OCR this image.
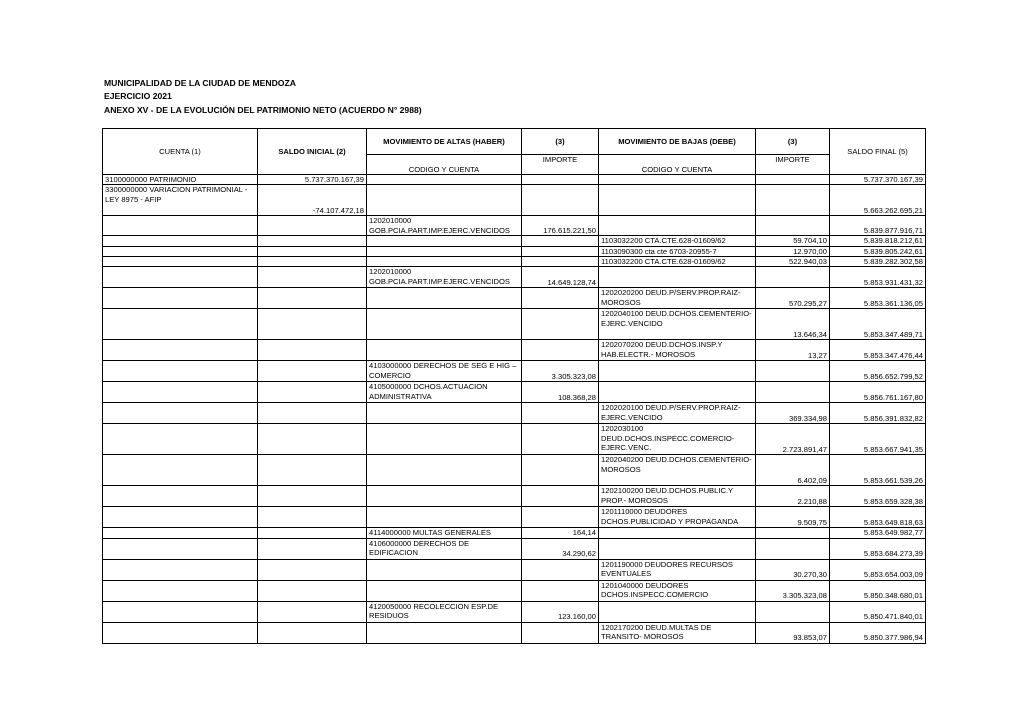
MUNICIPALIDAD DE LA CIUDAD DE MENDOZA
EJERCICIO 2021
ANEXO XV - DE LA EVOLUCIÓN DEL PATRIMONIO NETO (ACUERDO N° 2988)
CUENTA (1)	SALDO INICIAL (2)	MOVIMIENTO DE ALTAS (HABER)	(3)	MOVIMIENTO DE BAJAS (DEBE)	(3)	SALDO FINAL (5)
		CODIGO Y CUENTA	IMPORTE	CODIGO Y CUENTA	IMPORTE	
3100000000 PATRIMONIO	5.737.370.167,39					5.737.370.167,39
3300000000 VARIACION PATRIMONIAL - LEY 8975 - AFIP	-74.107.472,18					5.663.262.695,21
		1202010000 GOB.PCIA.PART.IMP.EJERC.VENCIDOS	176.615.221,50			5.839.877.916,71
				1103032200 CTA.CTE.628-01609/62	59.704,10	5.839.818.212,61
				1103090300 cta cte 6703-20955-7	12.970,00	5.839.805.242,61
				1103032200 CTA.CTE.628-01609/62	522.940,03	5.839.282.302,58
		1202010000 GOB.PCIA.PART.IMP.EJERC.VENCIDOS	14.649.128,74			5.853.931.431,32
				1202020200 DEUD.P/SERV.PROP.RAIZ-MOROSOS	570.295,27	5.853.361.136,05
				1202040100 DEUD.DCHOS.CEMENTERIO-EJERC.VENCIDO	13.646,34	5.853.347.489,71
				1202070200 DEUD.DCHOS.INSP.Y HAB.ELECTR.- MOROSOS	13,27	5.853.347.476,44
		4103000000 DERECHOS DE SEG E HIG – COMERCIO	3.305.323,08			5.856.652.799,52
		4105000000 DCHOS.ACTUACION ADMINISTRATIVA	108.368,28			5.856.761.167,80
				1202020100 DEUD.P/SERV.PROP.RAIZ-EJERC.VENCIDO	369.334,98	5.856.391.832,82
				1202030100 DEUD.DCHOS.INSPECC.COMERCIO-EJERC.VENC.	2.723.891,47	5.853.667.941,35
				1202040200 DEUD.DCHOS.CEMENTERIO-MOROSOS	6.402,09	5.853.661.539,26
				1202100200 DEUD.DCHOS.PUBLIC.Y PROP.- MOROSOS	2.210,88	5.853.659.328,38
				1201110000 DEUDORES DCHOS.PUBLICIDAD Y PROPAGANDA	9.509,75	5.853.649.818,63
		4114000000 MULTAS GENERALES	164,14			5.853.649.982,77
		4106000000 DERECHOS DE EDIFICACION	34.290,62			5.853.684.273,39
				1201190000 DEUDORES RECURSOS EVENTUALES	30.270,30	5.853.654.003,09
				1201040000 DEUDORES DCHOS.INSPECC.COMERCIO	3.305.323,08	5.850.348.680,01
		4120050000 RECOLECCION ESP.DE RESIDUOS	123.160,00			5.850.471.840,01
				1202170200 DEUD.MULTAS DE TRANSITO- MOROSOS	93.853,07	5.850.377.986,94
